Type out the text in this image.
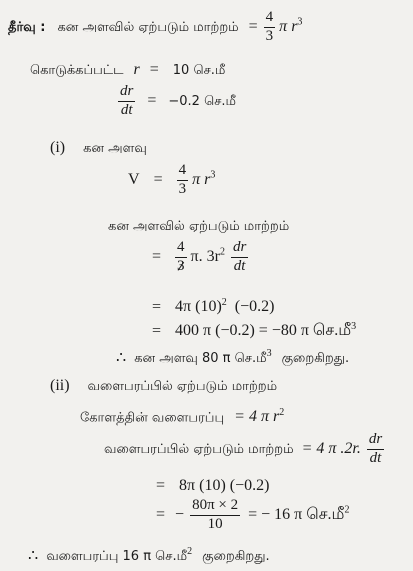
தீர்வு : கன அளவில் ஏற்படும் மாற்றம் = $\frac{4}{3}$ π $r^3$
கொடுக்கப்பட்ட r = 10 செ.மீ
$\frac{dr}{dt} = -0.2$ செ.மீ
(i) கன அளவு
$V = \frac{4}{3}$ π $r^3$
கன அளவில் ஏற்படும் மாற்றம்
= $\frac{4}{3} \pi$. $3r^2 \frac{dr}{dt}$
= 4π $(10)^2$ (−0.2)
= 400 π (−0.2) = −80 π செ.மீ$^3$
∴ கன அளவு 80 π செ.மீ$^3$ குறைகிறது.
(ii) வளைபரப்பில் ஏற்படும் மாற்றம்
கோளத்தின் வளைபரப்பு = 4 π $r^2$
வளைபரப்பில் ஏற்படும் மாற்றம் = 4 π .2r. $\frac{dr}{dt}$
= 8π (10) (−0.2)
= − $\frac{80\pi \times 2}{10}$ = − 16 π செ.மீ$^2$
∴ வளைபரப்பு 16 π செ.மீ$^2$ குறைகிறது.
